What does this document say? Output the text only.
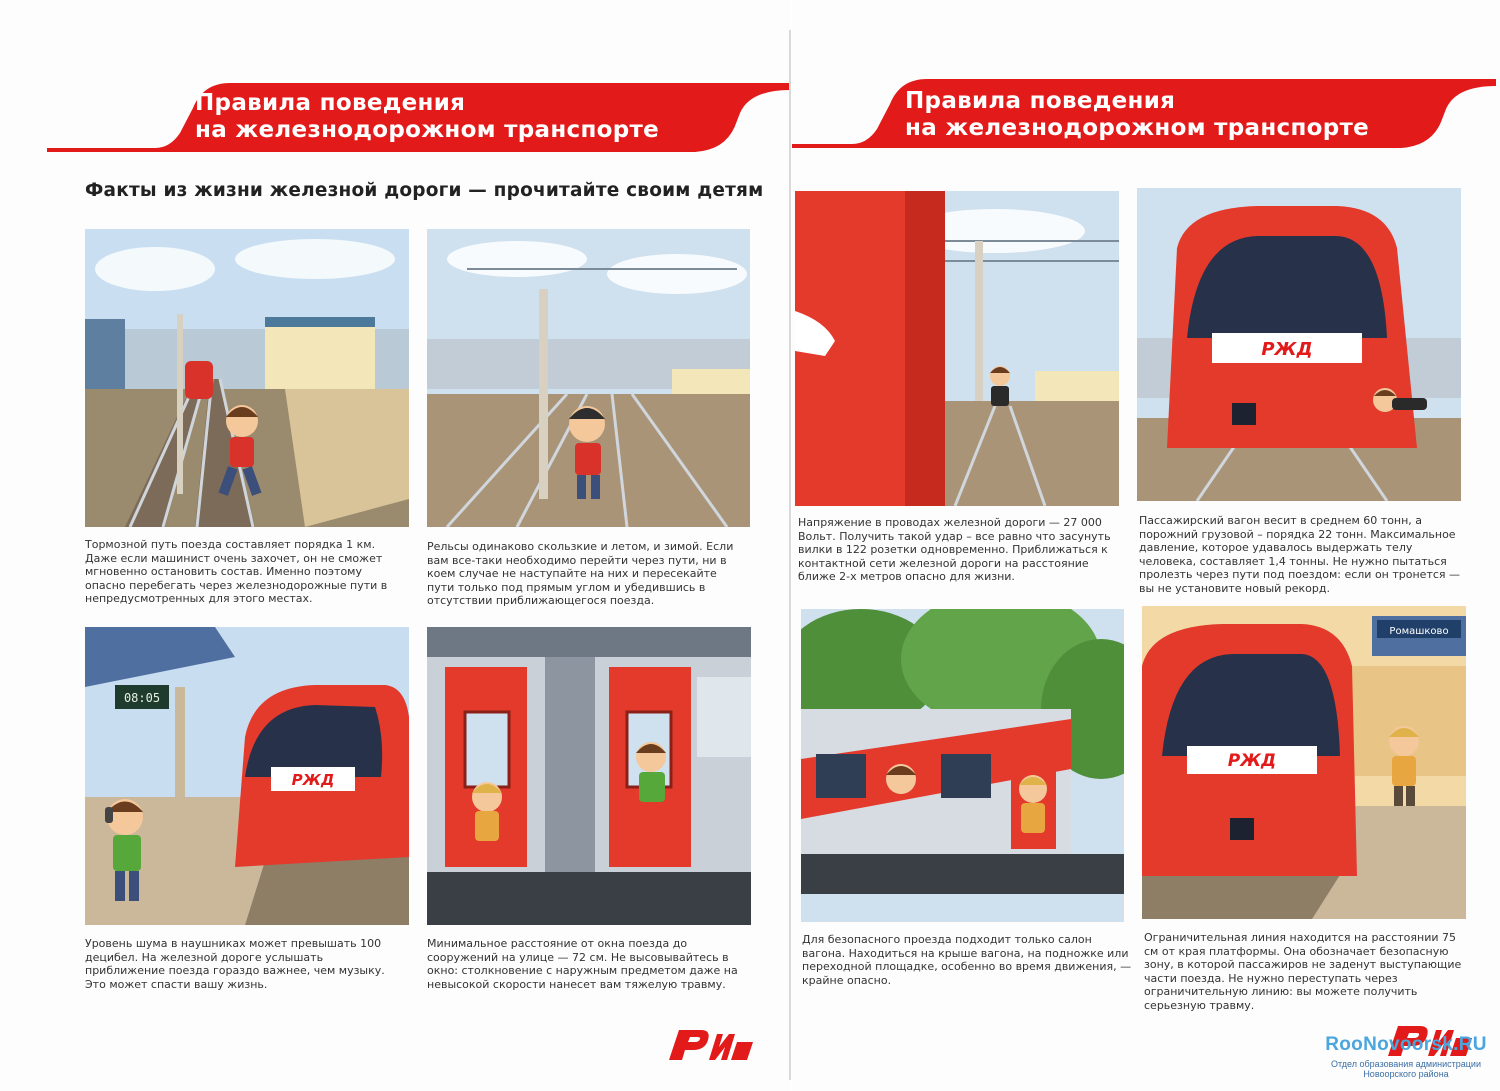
Правила поведения
на железнодорожном транспорте
Факты из жизни железной дороги — прочитайте своим детям
Тормозной путь поезда составляет порядка 1 км. Даже если машинист очень захочет, он не сможет мгновенно остановить состав. Именно поэтому опасно перебегать через железнодорожные пути в непредусмотренных для этого местах.
Рельсы одинаково скользкие и летом, и зимой. Если вам все-таки необходимо перейти через пути, ни в коем случае не наступайте на них и пересекайте пути только под прямым углом и убедившись в отсутствии приближающегося поезда.
08:05
РЖД
Уровень шума в наушниках может превышать 100 децибел. На железной дороге услышать приближение поезда гораздо важнее, чем музыку. Это может спасти вашу жизнь.
Минимальное расстояние от окна поезда до сооружений на улице — 72 см. Не высовывайтесь в окно: столкновение с наружным предметом даже на невысокой скорости нанесет вам тяжелую травму.
Правила поведения
на железнодорожном транспорте
Напряжение в проводах железной дороги — 27 000 Вольт. Получить такой удар – все равно что засунуть вилки в 122 розетки одновременно. Приближаться к контактной сети железной дороги на расстояние ближе 2-х метров опасно для жизни.
РЖД
Пассажирский вагон весит в среднем 60 тонн, а порожний грузовой – порядка 22 тонн. Максимальное давление, которое удавалось выдержать телу человека, составляет 1,4 тонны. Не нужно пытаться пролезть через пути под поездом: если он тронется — вы не установите новый рекорд.
Для безопасного проезда подходит только салон вагона. Находиться на крыше вагона, на подножке или переходной площадке, особенно во время движения, — крайне опасно.
Ромашково
РЖД
Ограничительная линия находится на расстоянии 75 см от края платформы. Она обозначает безопасную зону, в которой пассажиров не заденут выступающие части поезда. Не нужно переступать через ограничительную линию: вы можете получить серьезную травму.
RooNovoorsk.RU
Отдел образования администрации
Новоорского района
